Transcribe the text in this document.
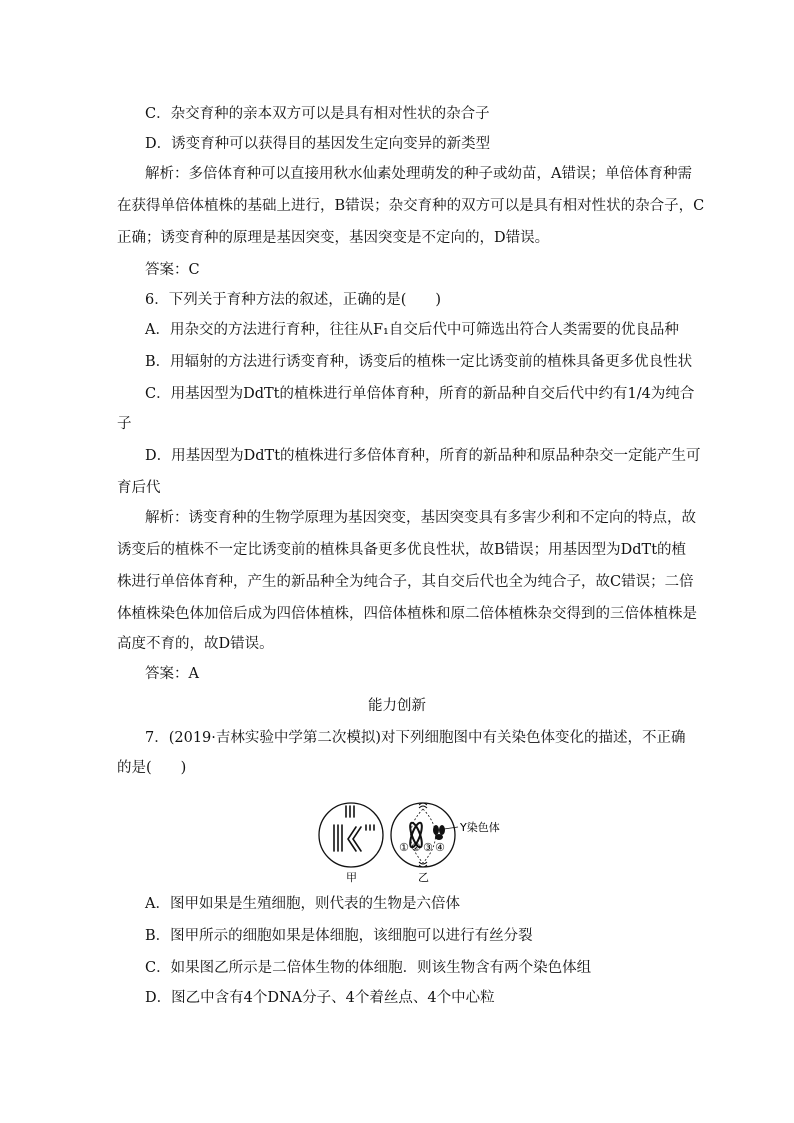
C．杂交育种的亲本双方可以是具有相对性状的杂合子
D．诱变育种可以获得目的基因发生定向变异的新类型
解析：多倍体育种可以直接用秋水仙素处理萌发的种子或幼苗，A错误；单倍体育种需
在获得单倍体植株的基础上进行，B错误；杂交育种的双方可以是具有相对性状的杂合子，C
正确；诱变育种的原理是基因突变，基因突变是不定向的，D错误。
答案：C
6．下列关于育种方法的叙述，正确的是(　　)
A．用杂交的方法进行育种，往往从F₁自交后代中可筛选出符合人类需要的优良品种
B．用辐射的方法进行诱变育种，诱变后的植株一定比诱变前的植株具备更多优良性状
C．用基因型为DdTt的植株进行单倍体育种，所育的新品种自交后代中约有1/4为纯合
子
D．用基因型为DdTt的植株进行多倍体育种，所育的新品种和原品种杂交一定能产生可
育后代
解析：诱变育种的生物学原理为基因突变，基因突变具有多害少利和不定向的特点，故
诱变后的植株不一定比诱变前的植株具备更多优良性状，故B错误；用基因型为DdTt的植
株进行单倍体育种，产生的新品种全为纯合子，其自交后代也全为纯合子，故C错误；二倍
体植株染色体加倍后成为四倍体植株，四倍体植株和原二倍体植株杂交得到的三倍体植株是
高度不育的，故D错误。
答案：A
能力创新
7．(2019·吉林实验中学第二次模拟)对下列细胞图中有关染色体变化的描述，不正确
的是(　　)
Y染色体
① ② ③ ④
甲	乙
A．图甲如果是生殖细胞，则代表的生物是六倍体
B．图甲所示的细胞如果是体细胞，该细胞可以进行有丝分裂
C．如果图乙所示是二倍体生物的体细胞．则该生物含有两个染色体组
D．图乙中含有4个DNA分子、4个着丝点、4个中心粒
